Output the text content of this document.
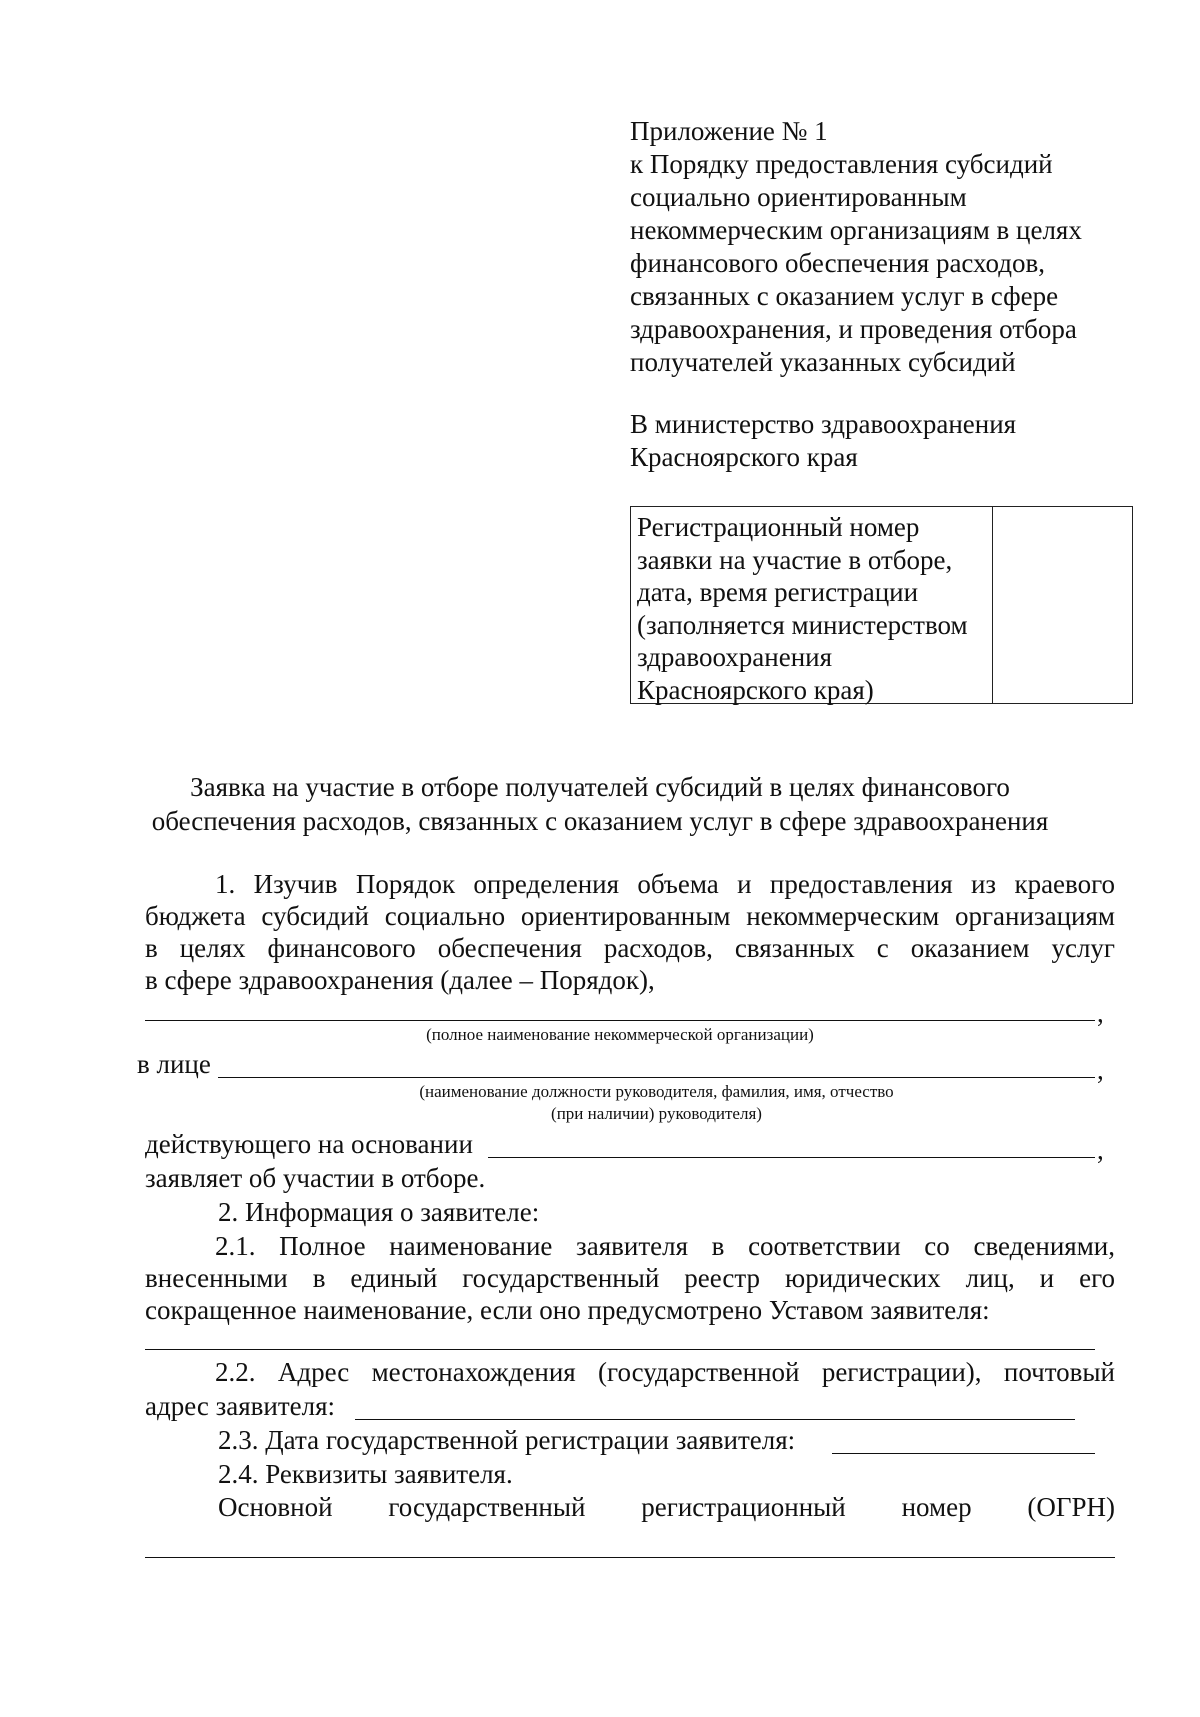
Приложение № 1
к Порядку предоставления субсидий
социально ориентированным
некоммерческим организациям в целях
финансового обеспечения расходов,
связанных с оказанием услуг в сфере
здравоохранения, и проведения отбора
получателей указанных субсидий
В министерство здравоохранения
Красноярского края
Регистрационный номер
заявки на участие в отборе,
дата, время регистрации
(заполняется министерством
здравоохранения
Красноярского края)
Заявка на участие в отборе получателей субсидий в целях финансового
обеспечения расходов, связанных с оказанием услуг в сфере здравоохранения
1. Изучив Порядок определения объема и предоставления из краевого
бюджета субсидий социально ориентированным некоммерческим организациям
в целях финансового обеспечения расходов, связанных с оказанием услуг
в сфере здравоохранения (далее – Порядок),
,
(полное наименование некоммерческой организации)
в лице	,
(наименование должности руководителя, фамилия, имя, отчество
(при наличии) руководителя)
действующего на основании	,
заявляет об участии в отборе.
2. Информация о заявителе:
2.1. Полное наименование заявителя в соответствии со сведениями,
внесенными в единый государственный реестр юридических лиц, и его
сокращенное наименование, если оно предусмотрено Уставом заявителя:
2.2. Адрес местонахождения (государственной регистрации), почтовый
адрес заявителя:
2.3. Дата государственной регистрации заявителя:
2.4. Реквизиты заявителя.
Основной государственный регистрационный номер (ОГРН)
